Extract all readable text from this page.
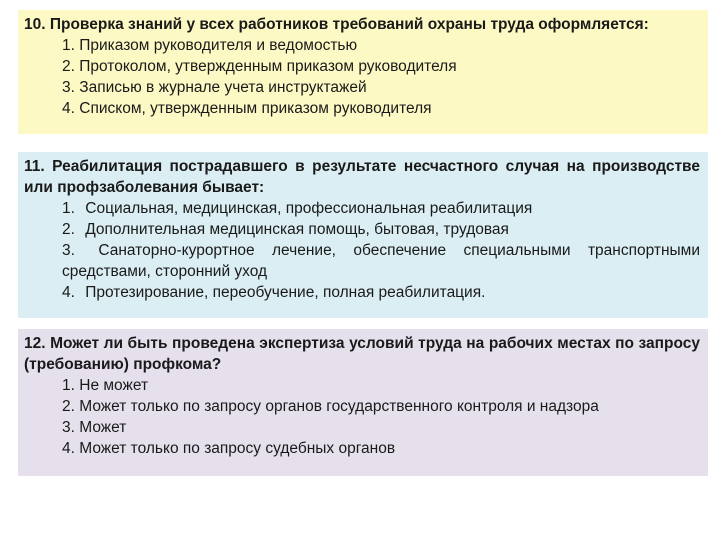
10. Проверка знаний у всех работников требований охраны труда оформляется:

1. Приказом руководителя и ведомостью
2. Протоколом, утвержденным приказом руководителя
3. Записью в журнале учета инструктажей
4. Списком, утвержденным приказом руководителя

11. Реабилитация пострадавшего в результате несчастного случая на производстве или профзаболевания бывает:

1. Социальная, медицинская, профессиональная реабилитация
2. Дополнительная медицинская помощь, бытовая, трудовая
3. Санаторно-курортное лечение, обеспечение специальными транспортными средствами, сторонний уход
4. Протезирование, переобучение, полная реабилитация.

12. Может ли быть проведена экспертиза условий труда на рабочих местах по запросу (требованию) профкома?

1. Не может
2. Может только по запросу органов государственного контроля и надзора
3. Может
4. Может только по запросу судебных органов
